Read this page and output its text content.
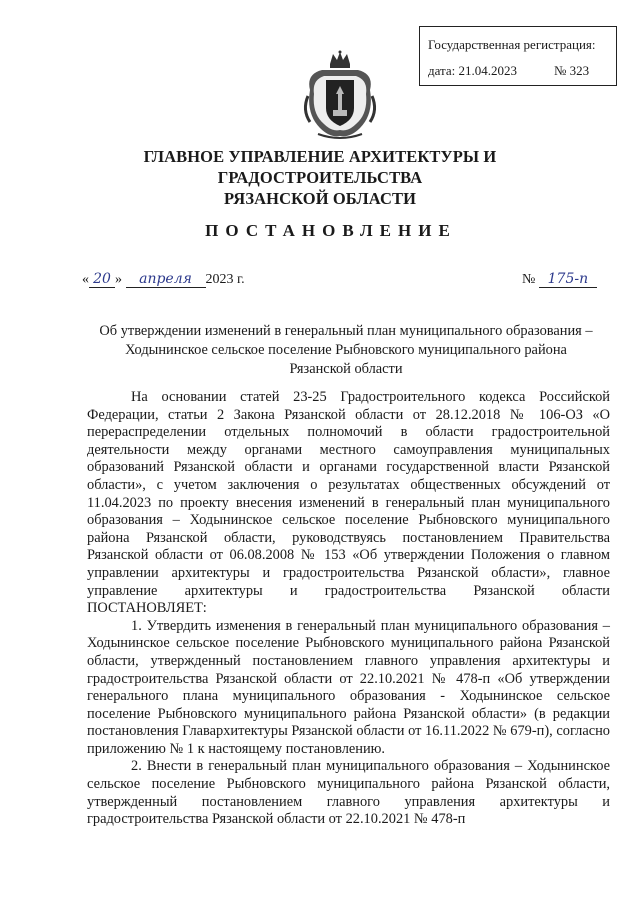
Государственная регистрация:
дата: 21.04.2023	№ 323
ГЛАВНОЕ УПРАВЛЕНИЕ АРХИТЕКТУРЫ И ГРАДОСТРОИТЕЛЬСТВА
РЯЗАНСКОЙ ОБЛАСТИ
ПОСТАНОВЛЕНИЕ
« 20 » апреля 2023 г.	№ 175-п
Об утверждении изменений в генеральный план муниципального образования –
Ходынинское сельское поселение Рыбновского муниципального района
Рязанской области

На основании статей 23-25 Градостроительного кодекса Российской Федерации, статьи 2 Закона Рязанской области от 28.12.2018 № 106-ОЗ «О перераспределении отдельных полномочий в области градостроительной деятельности между органами местного самоуправления муниципальных образований Рязанской области и органами государственной власти Рязанской области», с учетом заключения о результатах общественных обсуждений от 11.04.2023 по проекту внесения изменений в генеральный план муниципального образования – Ходынинское сельское поселение Рыбновского муниципального района Рязанской области, руководствуясь постановлением Правительства Рязанской области от 06.08.2008 № 153 «Об утверждении Положения о главном управлении архитектуры и градостроительства Рязанской области», главное управление архитектуры и градостроительства Рязанской области ПОСТАНОВЛЯЕТ:

1. Утвердить изменения в генеральный план муниципального образования – Ходынинское сельское поселение Рыбновского муниципального района Рязанской области, утвержденный постановлением главного управления архитектуры и градостроительства Рязанской области от 22.10.2021 № 478-п «Об утверждении генерального плана муниципального образования - Ходынинское сельское поселение Рыбновского муниципального района Рязанской области» (в редакции постановления Главархитектуры Рязанской области от 16.11.2022 № 679-п), согласно приложению № 1 к настоящему постановлению.

2. Внести в генеральный план муниципального образования – Ходынинское сельское поселение Рыбновского муниципального района Рязанской области, утвержденный постановлением главного управления архитектуры и градостроительства Рязанской области от 22.10.2021 № 478-п
